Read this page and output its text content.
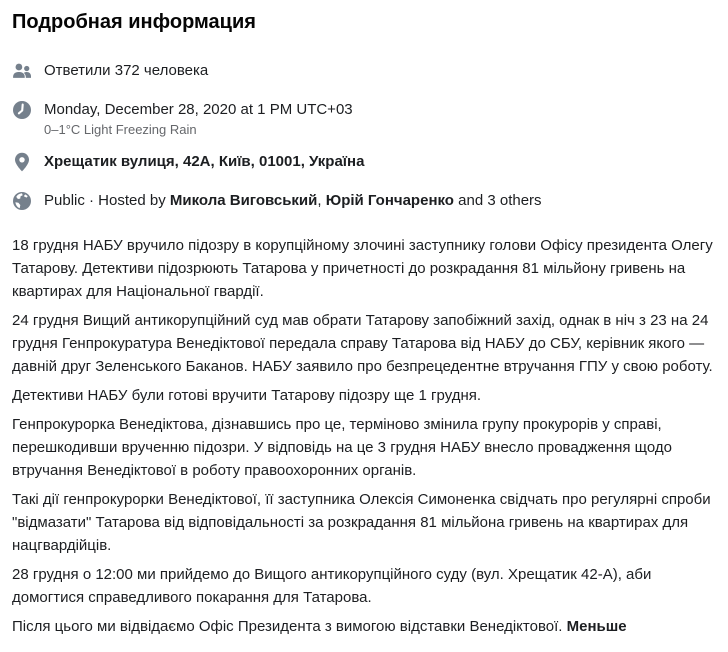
Подробная информация
Ответили 372 человека
Monday, December 28, 2020 at 1 PM UTC+03
0–1°C Light Freezing Rain
Хрещатик вулиця, 42А, Київ, 01001, Україна
Public · Hosted by Микола Виговський, Юрій Гончаренко and 3 others

18 грудня НАБУ вручило підозру в корупційному злочині заступнику голови Офісу президента Олегу Татарову. Детективи підозрюють Татарова у причетності до розкрадання 81 мільйону гривень на квартирах для Національної гвардії.

24 грудня Вищий антикорупційний суд мав обрати Татарову запобіжний захід, однак в ніч з 23 на 24 грудня Генпрокуратура Венедіктової передала справу Татарова від НАБУ до СБУ, керівник якого — давній друг Зеленського Баканов. НАБУ заявило про безпрецедентне втручання ГПУ у свою роботу.

Детективи НАБУ були готові вручити Татарову підозру ще 1 грудня.

Генпрокурорка Венедіктова, дізнавшись про це, терміново змінила групу прокурорів у справі, перешкодивши врученню підозри. У відповідь на це 3 грудня НАБУ внесло провадження щодо втручання Венедіктової в роботу правоохоронних органів.

Такі дії генпрокурорки Венедіктової, її заступника Олексія Симоненка свідчать про регулярні спроби "відмазати" Татарова від відповідальності за розкрадання 81 мільйона гривень на квартирах для нацгвардійців.

28 грудня о 12:00 ми прийдемо до Вищого антикорупційного суду (вул. Хрещатик 42-А), аби домогтися справедливого покарання для Татарова.

Після цього ми відвідаємо Офіс Президента з вимогою відставки Венедіктової. Меньше
